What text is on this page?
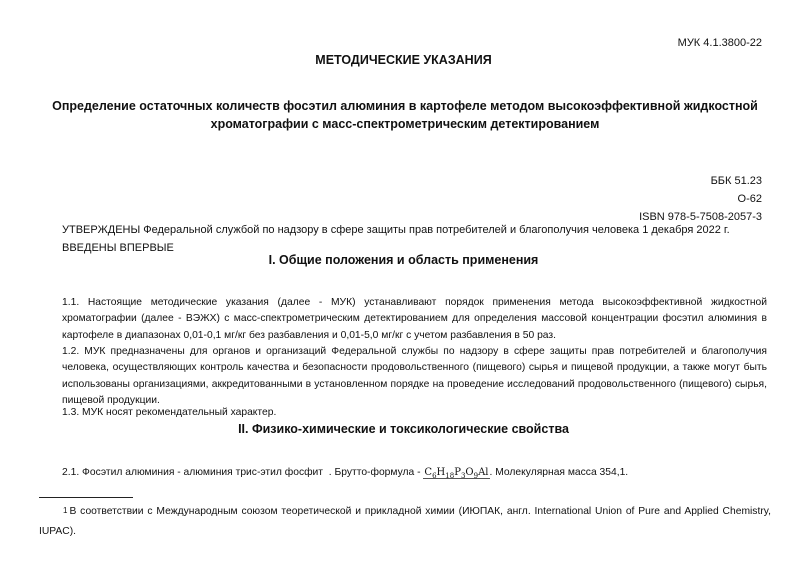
МУК 4.1.3800-22
МЕТОДИЧЕСКИЕ УКАЗАНИЯ
Определение остаточных количеств фосэтил алюминия в картофеле методом высокоэффективной жидкостной хроматографии с масс-спектрометрическим детектированием
ББК 51.23
О-62
ISBN 978-5-7508-2057-3
УТВЕРЖДЕНЫ Федеральной службой по надзору в сфере защиты прав потребителей и благополучия человека 1 декабря 2022 г.
ВВЕДЕНЫ ВПЕРВЫЕ
I. Общие положения и область применения
1.1. Настоящие методические указания (далее - МУК) устанавливают порядок применения метода высокоэффективной жидкостной хроматографии (далее - ВЭЖХ) с масс-спектрометрическим детектированием для определения массовой концентрации фосэтил алюминия в картофеле в диапазонах 0,01-0,1 мг/кг без разбавления и 0,01-5,0 мг/кг с учетом разбавления в 50 раз.
1.2. МУК предназначены для органов и организаций Федеральной службы по надзору в сфере защиты прав потребителей и благополучия человека, осуществляющих контроль качества и безопасности продовольственного (пищевого) сырья и пищевой продукции, а также могут быть использованы организациями, аккредитованными в установленном порядке на проведение исследований продовольственного (пищевого) сырья, пищевой продукции.
1.3. МУК носят рекомендательный характер.
II. Физико-химические и токсикологические свойства
2.1. Фосэтил алюминия - алюминия трис-этил фосфит . Брутто-формула - $C_6H_{18}P_3O_9Al$. Молекулярная масса 354,1.
1 В соответствии с Международным союзом теоретической и прикладной химии (ИЮПАК, англ. International Union of Pure and Applied Chemistry, IUPAC).
